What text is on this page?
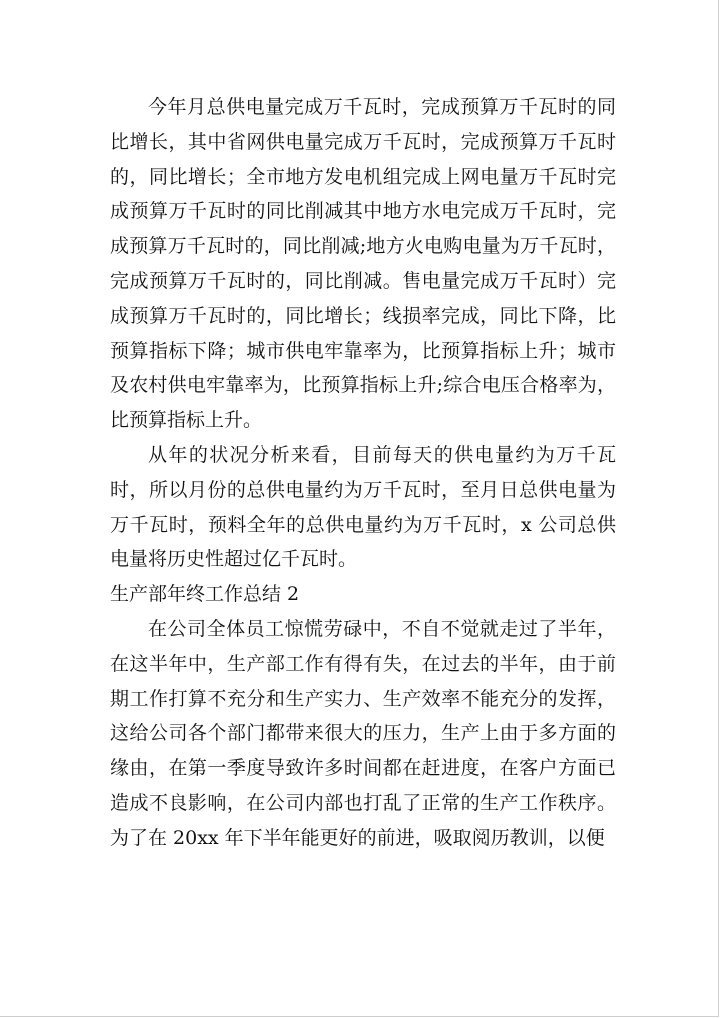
今年月总供电量完成万千瓦时，完成预算万千瓦时的同比增长，其中省网供电量完成万千瓦时，完成预算万千瓦时的，同比增长；全市地方发电机组完成上网电量万千瓦时完成预算万千瓦时的同比削减其中地方水电完成万千瓦时，完成预算万千瓦时的，同比削减;地方火电购电量为万千瓦时，完成预算万千瓦时的，同比削减。售电量完成万千瓦时）完成预算万千瓦时的，同比增长；线损率完成，同比下降，比预算指标下降；城市供电牢靠率为，比预算指标上升；城市及农村供电牢靠率为，比预算指标上升;综合电压合格率为，比预算指标上升。

从年的状况分析来看，目前每天的供电量约为万千瓦时，所以月份的总供电量约为万千瓦时，至月日总供电量为万千瓦时，预料全年的总供电量约为万千瓦时，x 公司总供电量将历史性超过亿千瓦时。

生产部年终工作总结 2

在公司全体员工惊慌劳碌中，不自不觉就走过了半年，在这半年中，生产部工作有得有失，在过去的半年，由于前期工作打算不充分和生产实力、生产效率不能充分的发挥，这给公司各个部门都带来很大的压力，生产上由于多方面的缘由，在第一季度导致许多时间都在赶进度，在客户方面已造成不良影响，在公司内部也打乱了正常的生产工作秩序。为了在 20xx 年下半年能更好的前进，吸取阅历教训，以便
